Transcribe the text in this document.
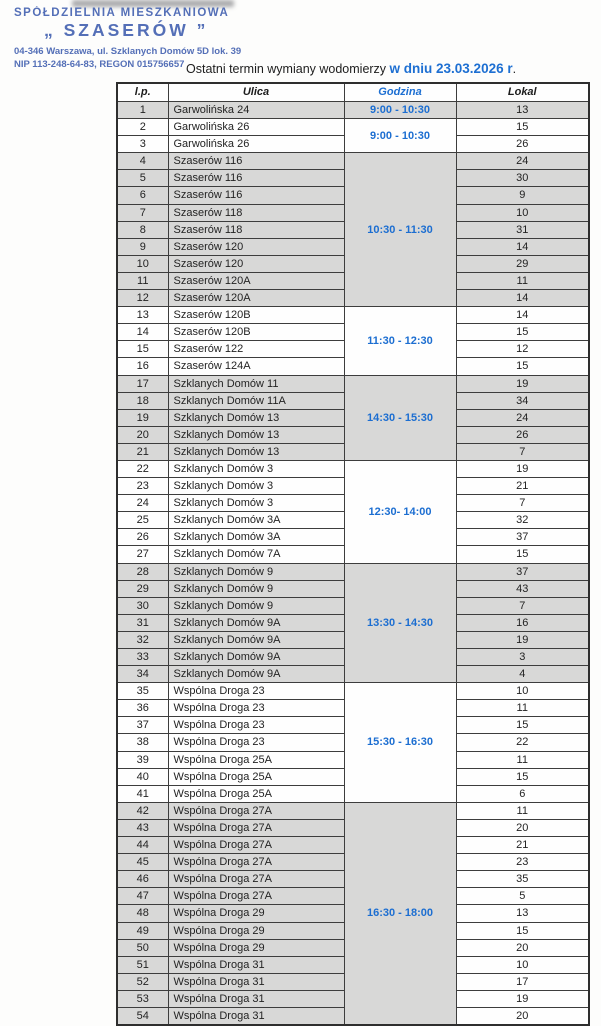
SPÓŁDZIELNIA MIESZKANIOWA
„ SZASERÓW ”
04-346 Warszawa, ul. Szklanych Domów 5D lok. 39
NIP 113-248-64-83, REGON 015756657 Ostatni termin wymiany wodomierzy w dniu 23.03.2026 r.
l.p.	Ulica	Godzina	Lokal
1	Garwolińska 24	9:00 - 10:30	13
2	Garwolińska 26	9:00 - 10:30	15
3	Garwolińska 26		26
4	Szaserów 116	10:30 - 11:30	24
5	Szaserów 116		30
6	Szaserów 116		9
7	Szaserów 118		10
8	Szaserów 118		31
9	Szaserów 120		14
10	Szaserów 120		29
11	Szaserów 120A		11
12	Szaserów 120A		14
13	Szaserów 120B	11:30 - 12:30	14
14	Szaserów 120B		15
15	Szaserów 122		12
16	Szaserów 124A		15
17	Szklanych Domów 11	14:30 - 15:30	19
18	Szklanych Domów 11A		34
19	Szklanych Domów 13		24
20	Szklanych Domów 13		26
21	Szklanych Domów 13		7
22	Szklanych Domów 3	12:30- 14:00	19
23	Szklanych Domów 3		21
24	Szklanych Domów 3		7
25	Szklanych Domów 3A		32
26	Szklanych Domów 3A		37
27	Szklanych Domów 7A		15
28	Szklanych Domów 9	13:30 - 14:30	37
29	Szklanych Domów 9		43
30	Szklanych Domów 9		7
31	Szklanych Domów 9A		16
32	Szklanych Domów 9A		19
33	Szklanych Domów 9A		3
34	Szklanych Domów 9A		4
35	Wspólna Droga 23	15:30 - 16:30	10
36	Wspólna Droga 23		11
37	Wspólna Droga 23		15
38	Wspólna Droga 23		22
39	Wspólna Droga 25A		11
40	Wspólna Droga 25A		15
41	Wspólna Droga 25A		6
42	Wspólna Droga 27A	16:30 - 18:00	11
43	Wspólna Droga 27A		20
44	Wspólna Droga 27A		21
45	Wspólna Droga 27A		23
46	Wspólna Droga 27A		35
47	Wspólna Droga 27A		5
48	Wspólna Droga 29		13
49	Wspólna Droga 29		15
50	Wspólna Droga 29		20
51	Wspólna Droga 31		10
52	Wspólna Droga 31		17
53	Wspólna Droga 31		19
54	Wspólna Droga 31		20
